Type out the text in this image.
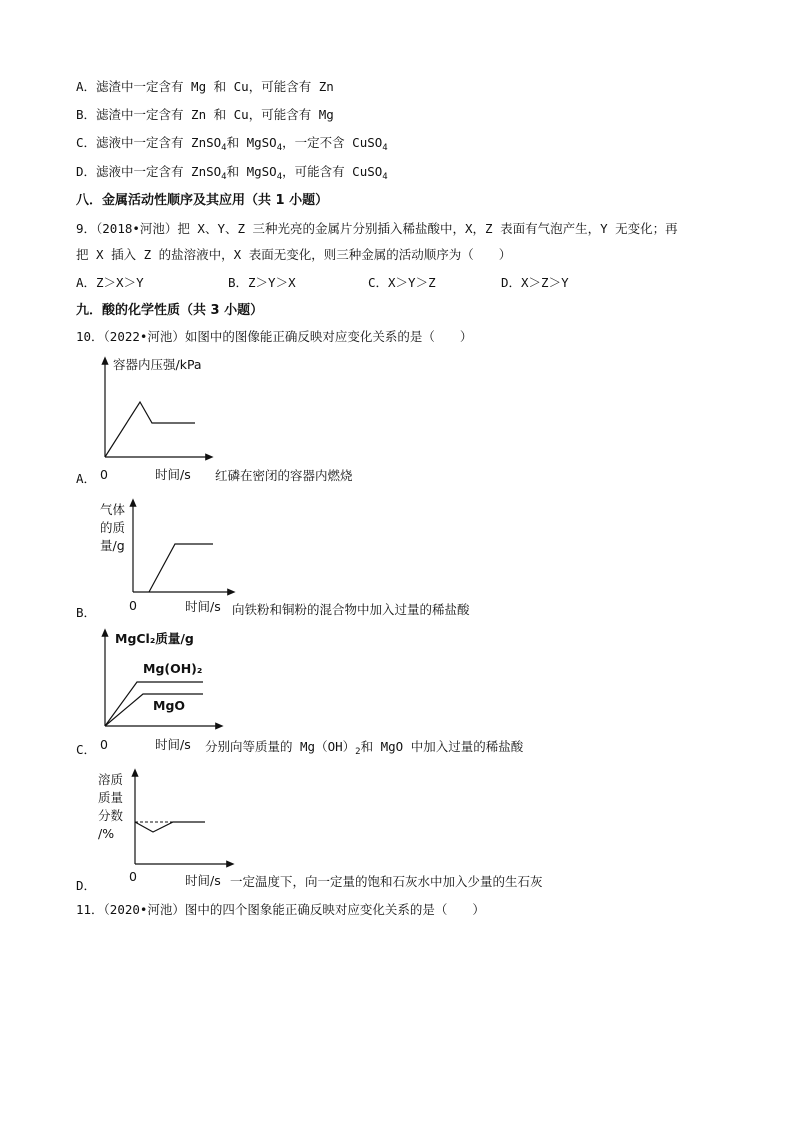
A．滤渣中一定含有 Mg 和 Cu，可能含有 Zn
B．滤渣中一定含有 Zn 和 Cu，可能含有 Mg
C．滤液中一定含有 ZnSO$_4$和 MgSO$_4$，一定不含 CuSO$_4$
D．滤液中一定含有 ZnSO$_4$和 MgSO$_4$，可能含有 CuSO$_4$
八．金属活动性顺序及其应用（共 1 小题）
9．（2018•河池）把 X、Y、Z 三种光亮的金属片分别插入稀盐酸中，X，Z 表面有气泡产生，Y 无变化；再
把 X 插入 Z 的盐溶液中，X 表面无变化，则三种金属的活动顺序为（　　）
A．Z＞X＞Y	B．Z＞Y＞X	C．X＞Y＞Z	D．X＞Z＞Y
九．酸的化学性质（共 3 小题）
10．（2022•河池）如图中的图像能正确反映对应变化关系的是（　　）
容器内压强/kPa
0	时间/s
A．	红磷在密闭的容器内燃烧
气体
的质
量/g
0	时间/s
B．	向铁粉和铜粉的混合物中加入过量的稀盐酸
MgCl₂质量/g
Mg(OH)₂
MgO
0	时间/s
C．	分别向等质量的 $Mg(OH)_2$和 MgO 中加入过量的稀盐酸
溶质
质量
分数
/%
0	时间/s
D．	一定温度下，向一定量的饱和石灰水中加入少量的生石灰
11．（2020•河池）图中的四个图象能正确反映对应变化关系的是（　　）
